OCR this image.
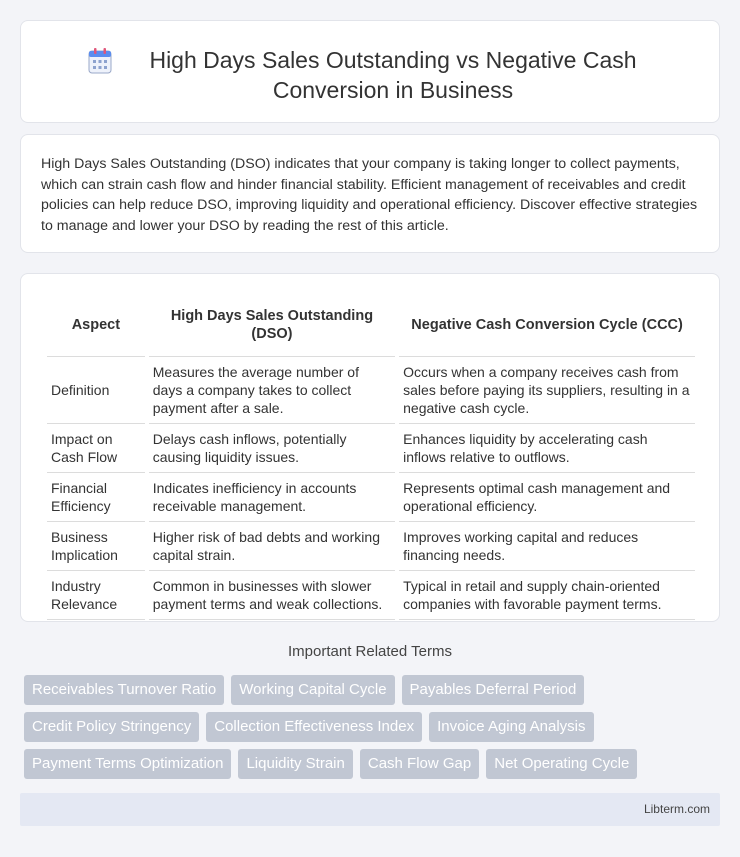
High Days Sales Outstanding vs Negative Cash Conversion in Business

High Days Sales Outstanding (DSO) indicates that your company is taking longer to collect payments, which can strain cash flow and hinder financial stability. Efficient management of receivables and credit policies can help reduce DSO, improving liquidity and operational efficiency. Discover effective strategies to manage and lower your DSO by reading the rest of this article.

Aspect	High Days Sales Outstanding (DSO)	Negative Cash Conversion Cycle (CCC)
Definition	Measures the average number of days a company takes to collect payment after a sale.	Occurs when a company receives cash from sales before paying its suppliers, resulting in a negative cash cycle.
Impact on Cash Flow	Delays cash inflows, potentially causing liquidity issues.	Enhances liquidity by accelerating cash inflows relative to outflows.
Financial Efficiency	Indicates inefficiency in accounts receivable management.	Represents optimal cash management and operational efficiency.
Business Implication	Higher risk of bad debts and working capital strain.	Improves working capital and reduces financing needs.
Industry Relevance	Common in businesses with slower payment terms and weak collections.	Typical in retail and supply chain-oriented companies with favorable payment terms.
Important Related Terms
Receivables Turnover Ratio	Working Capital Cycle	Payables Deferral Period
Credit Policy Stringency	Collection Effectiveness Index	Invoice Aging Analysis
Payment Terms Optimization	Liquidity Strain	Cash Flow Gap	Net Operating Cycle
Libterm.com
